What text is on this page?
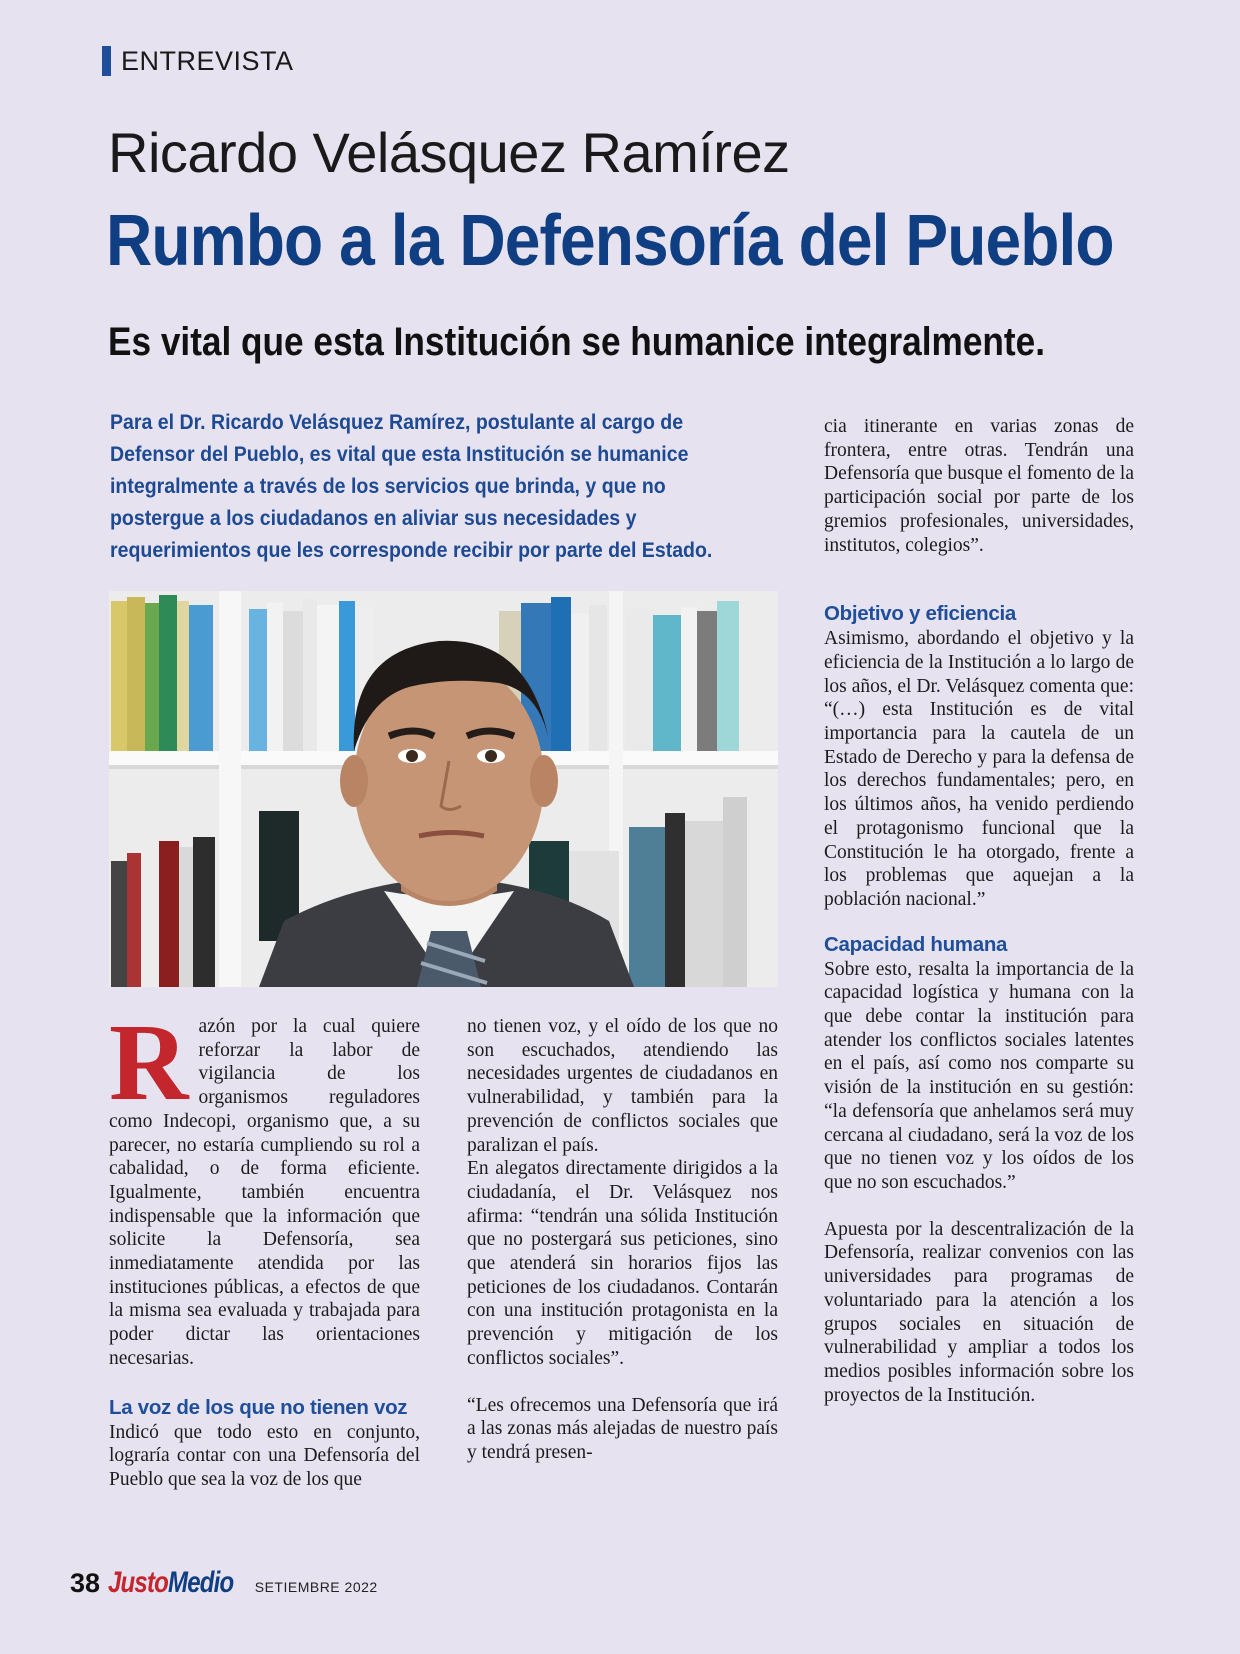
ENTREVISTA
Ricardo Velásquez Ramírez
Rumbo a la Defensoría del Pueblo
Es vital que esta Institución se humanice integralmente.
Para el Dr. Ricardo Velásquez Ramírez, postulante al cargo de Defensor del Pueblo, es vital que esta Institución se humanice integralmente a través de los servicios que brinda, y que no postergue a los ciudadanos en aliviar sus necesidades y requerimientos que les corresponde recibir por parte del Estado.

cia itinerante en varias zonas de frontera, entre otras. Tendrán una Defensoría que busque el fomento de la participación social por parte de los gremios profesionales, universidades, institutos, colegios”.

Objetivo y eficiencia

Asimismo, abordando el objetivo y la eficiencia de la Institución a lo largo de los años, el Dr. Velásquez comenta que: “(…) esta Institución es de vital importancia para la cautela de un Estado de Derecho y para la defensa de los derechos fundamentales; pero, en los últimos años, ha venido perdiendo el protagonismo funcional que la Constitución le ha otorgado, frente a los problemas que aquejan a la población nacional.”

Capacidad humana

Sobre esto, resalta la importancia de la capacidad logística y humana con la que debe contar la institución para atender los conflictos sociales latentes en el país, así como nos comparte su visión de la institución en su gestión: “la defensoría que anhelamos será muy cercana al ciudadano, será la voz de los que no tienen voz y los oídos de los que no son escuchados.”

Apuesta por la descentralización de la Defensoría, realizar convenios con las universidades para programas de voluntariado para la atención a los grupos sociales en situación de vulnerabilidad y ampliar a todos los medios posibles información sobre los proyectos de la Institución.

Razón por la cual quiere reforzar la labor de vigilancia de los organismos reguladores como Indecopi, organismo que, a su parecer, no estaría cumpliendo su rol a cabalidad, o de forma eficiente. Igualmente, también encuentra indispensable que la información que solicite la Defensoría, sea inmediatamente atendida por las instituciones públicas, a efectos de que la misma sea evaluada y trabajada para poder dictar las orientaciones necesarias.

La voz de los que no tienen voz

Indicó que todo esto en conjunto, lograría contar con una Defensoría del Pueblo que sea la voz de los que

no tienen voz, y el oído de los que no son escuchados, atendiendo las necesidades urgentes de ciudadanos en vulnerabilidad, y también para la prevención de conflictos sociales que paralizan el país.

En alegatos directamente dirigidos a la ciudadanía, el Dr. Velásquez nos afirma: “tendrán una sólida Institución que no postergará sus peticiones, sino que atenderá sin horarios fijos las peticiones de los ciudadanos. Contarán con una institución protagonista en la prevención y mitigación de los conflictos sociales”.

“Les ofrecemos una Defensoría que irá a las zonas más alejadas de nuestro país y tendrá presen-

38 JustoMedio SETIEMBRE 2022
